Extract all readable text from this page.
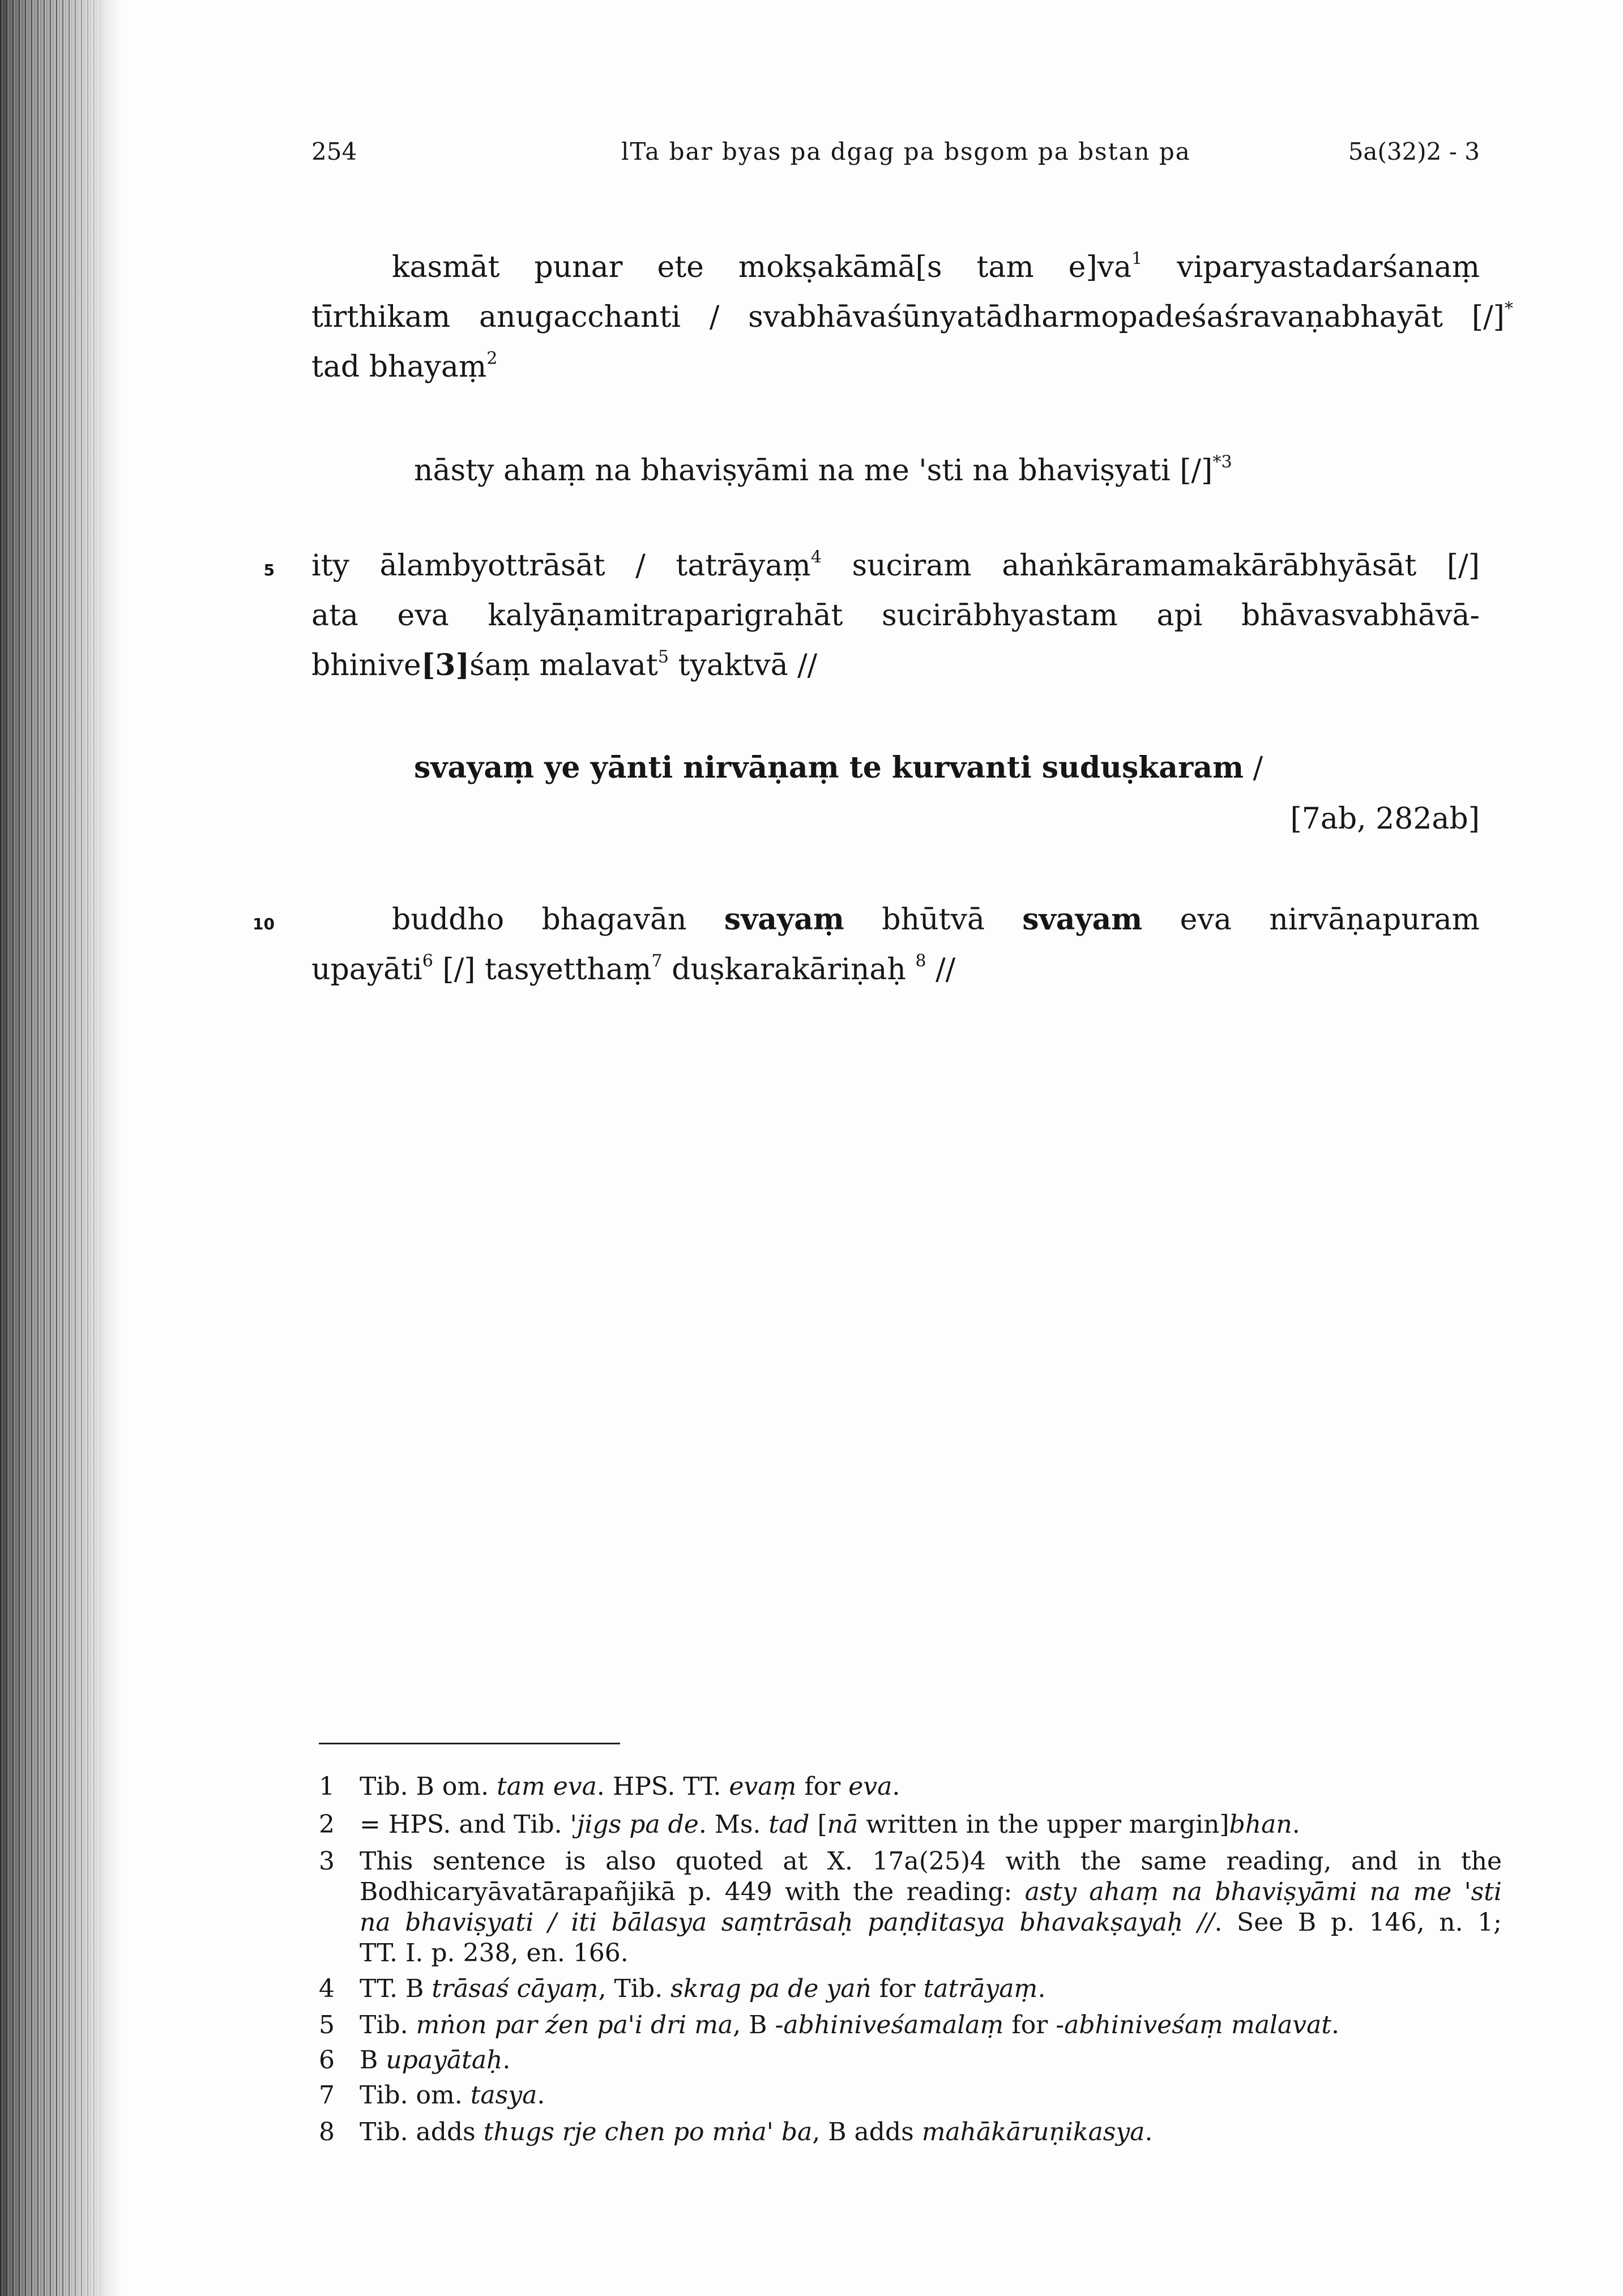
254	lTa bar byas pa dgag pa bsgom pa bstan pa	5a(32)2 - 3
5
10
kasmāt punar ete mokṣakāmā[s tam $e]va^1$ viparyastadarśanaṃ
tīrthikam anugacchanti / svabhāvaśūnyatādharmopadeśaśravaṇabhayāt [/]*
tad bhayaṃ$^2$
nāsty ahaṃ na bhaviṣyāmi na me 'sti na bhaviṣyati $[/]^{*3}$
ity ālambyottrāsāt / tatrāyaṃ$^4$ suciram ahaṅkāramamakārābhyāsāt [/]
ata eva kalyāṇamitraparigrahāt sucirābhyastam api bhāvasvabhāvā-
bhinive[3]śaṃ malavat$^5$ tyaktvā //
svayaṃ ye yānti nirvāṇaṃ te kurvanti suduṣkaram /
[7ab, 282ab]
buddho bhagavān svayaṃ bhūtvā svayam eva nirvāṇapuram
upayāti$^6$ [/] tasyetthaṃ$^7$ duṣkarakāriṇaḥ $^8$ //
1 Tib. B om. tam eva. HPS. TT. evaṃ for eva.
2 = HPS. and Tib. 'jigs pa de. Ms. tad [nā written in the upper margin]bhan.
3 This sentence is also quoted at X. 17a(25)4 with the same reading, and in the
Bodhicaryāvatārapañjikā p. 449 with the reading: asty ahaṃ na bhaviṣyāmi na me 'sti
na bhaviṣyati / iti bālasya saṃtrāsaḥ paṇḍitasya bhavakṣayaḥ //. See B p. 146, n. 1;
TT. I. p. 238, en. 166.
4 TT. B trāsaś cāyaṃ, Tib. skrag pa de yaṅ for tatrāyaṃ.
5 Tib. mṅon par źen pa'i dri ma, B -abhiniveśamalaṃ for -abhiniveśaṃ malavat.
6 B upayātaḥ.
7 Tib. om. tasya.
8 Tib. adds thugs rje chen po mṅa' ba, B adds mahākāruṇikasya.
